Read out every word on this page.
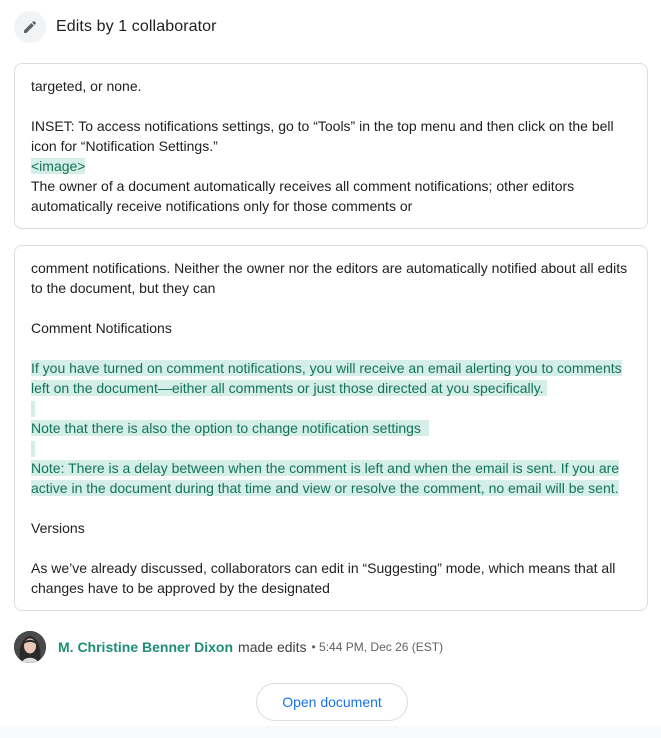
Edits by 1 collaborator
targeted, or none.
INSET: To access notifications settings, go to “Tools” in the top menu and then click on the bell
icon for “Notification Settings.”
<image>
The owner of a document automatically receives all comment notifications; other editors
automatically receive notifications only for those comments or
comment notifications. Neither the owner nor the editors are automatically notified about all edits
to the document, but they can
Comment Notifications
If you have turned on comment notifications, you will receive an email alerting you to comments
left on the document—either all comments or just those directed at you specifically.
Note that there is also the option to change notification settings
Note: There is a delay between when the comment is left and when the email is sent. If you are
active in the document during that time and view or resolve the comment, no email will be sent.
Versions
As we’ve already discussed, collaborators can edit in “Suggesting” mode, which means that all
changes have to be approved by the designated
M. Christine Benner Dixon made edits • 5:44 PM, Dec 26 (EST)
Open document
